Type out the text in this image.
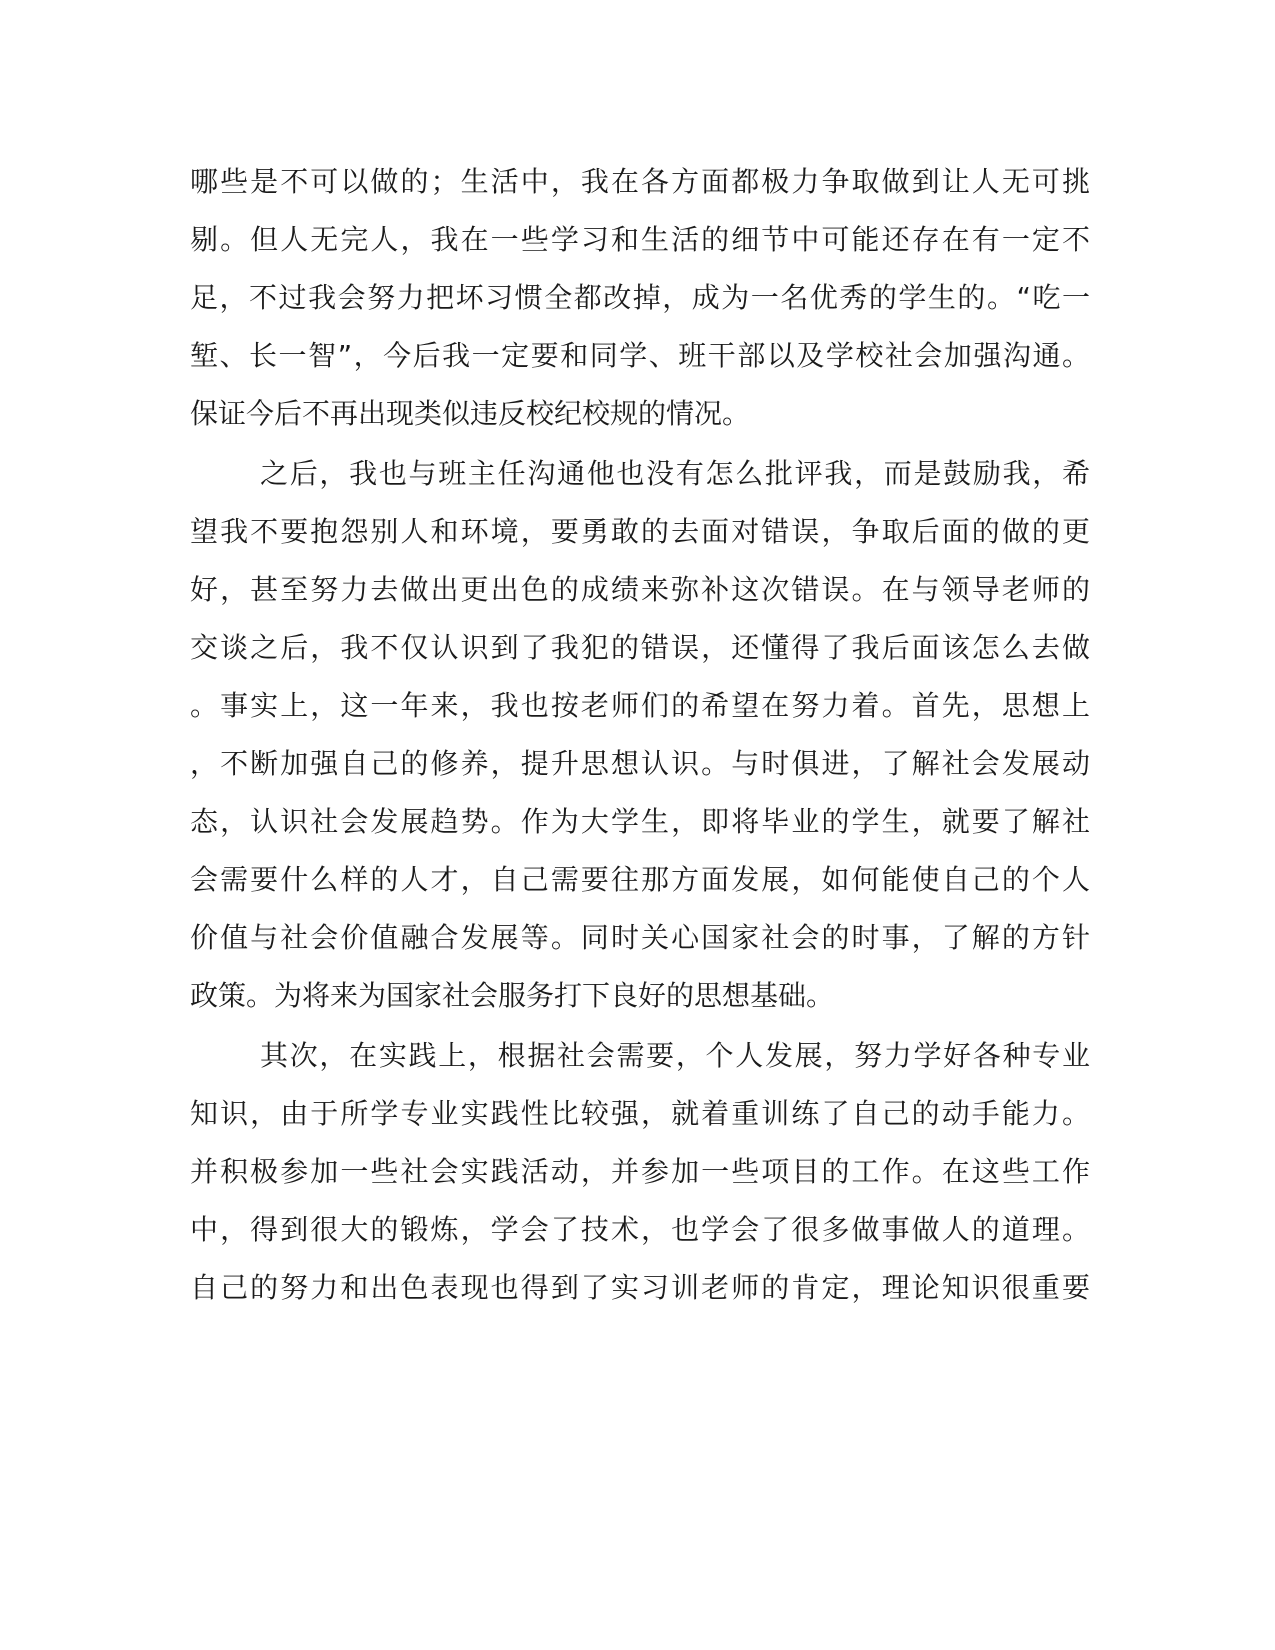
哪些是不可以做的；生活中，我在各方面都极力争取做到让人无可挑

剔。但人无完人，我在一些学习和生活的细节中可能还存在有一定不

足，不过我会努力把坏习惯全都改掉，成为一名优秀的学生的。“吃一

堑、长一智”，今后我一定要和同学、班干部以及学校社会加强沟通。

保证今后不再出现类似违反校纪校规的情况。

之后，我也与班主任沟通他也没有怎么批评我，而是鼓励我，希

望我不要抱怨别人和环境，要勇敢的去面对错误，争取后面的做的更

好，甚至努力去做出更出色的成绩来弥补这次错误。在与领导老师的

交谈之后，我不仅认识到了我犯的错误，还懂得了我后面该怎么去做

。事实上，这一年来，我也按老师们的希望在努力着。首先，思想上

，不断加强自己的修养，提升思想认识。与时俱进，了解社会发展动

态，认识社会发展趋势。作为大学生，即将毕业的学生，就要了解社

会需要什么样的人才，自己需要往那方面发展，如何能使自己的个人

价值与社会价值融合发展等。同时关心国家社会的时事，了解的方针

政策。为将来为国家社会服务打下良好的思想基础。

其次，在实践上，根据社会需要，个人发展，努力学好各种专业

知识，由于所学专业实践性比较强，就着重训练了自己的动手能力。

并积极参加一些社会实践活动，并参加一些项目的工作。在这些工作

中，得到很大的锻炼，学会了技术，也学会了很多做事做人的道理。

自己的努力和出色表现也得到了实习训老师的肯定，理论知识很重要
